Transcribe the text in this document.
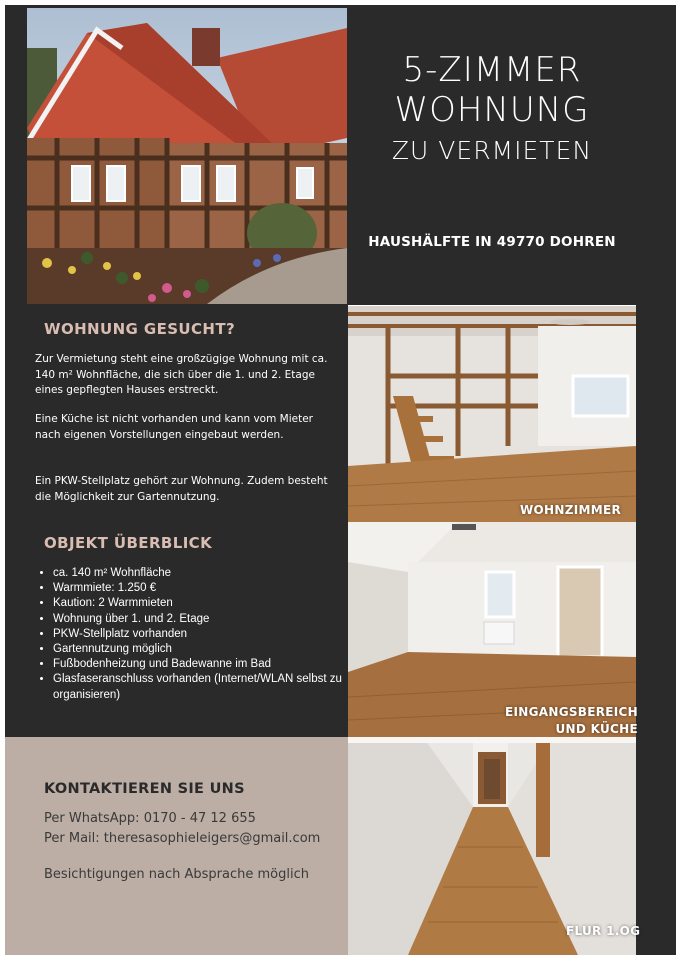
5-ZIMMER
WOHNUNG
ZU VERMIETEN
HAUSHÄLFTE IN 49770 DOHREN
WOHNUNG GESUCHT?
Zur Vermietung steht eine großzügige Wohnung mit ca. 140 m² Wohnfläche, die sich über die 1. und 2. Etage eines gepflegten Hauses erstreckt.
Eine Küche ist nicht vorhanden und kann vom Mieter nach eigenen Vorstellungen eingebaut werden.
Ein PKW-Stellplatz gehört zur Wohnung. Zudem besteht die Möglichkeit zur Gartennutzung.
OBJEKT ÜBERBLICK
• ca. 140 m² Wohnfläche
• Warmmiete: 1.250 €
• Kaution: 2 Warmmieten
• Wohnung über 1. und 2. Etage
• PKW-Stellplatz vorhanden
• Gartennutzung möglich
• Fußbodenheizung und Badewanne im Bad
• Glasfaseranschluss vorhanden (Internet/WLAN selbst zu organisieren)
KONTAKTIEREN SIE UNS
Per WhatsApp: 0170 - 47 12 655
Per Mail: theresasophieleigers@gmail.com
Besichtigungen nach Absprache möglich
WOHNZIMMER
EINGANGSBEREICH
UND KÜCHE
FLUR 1.OG
